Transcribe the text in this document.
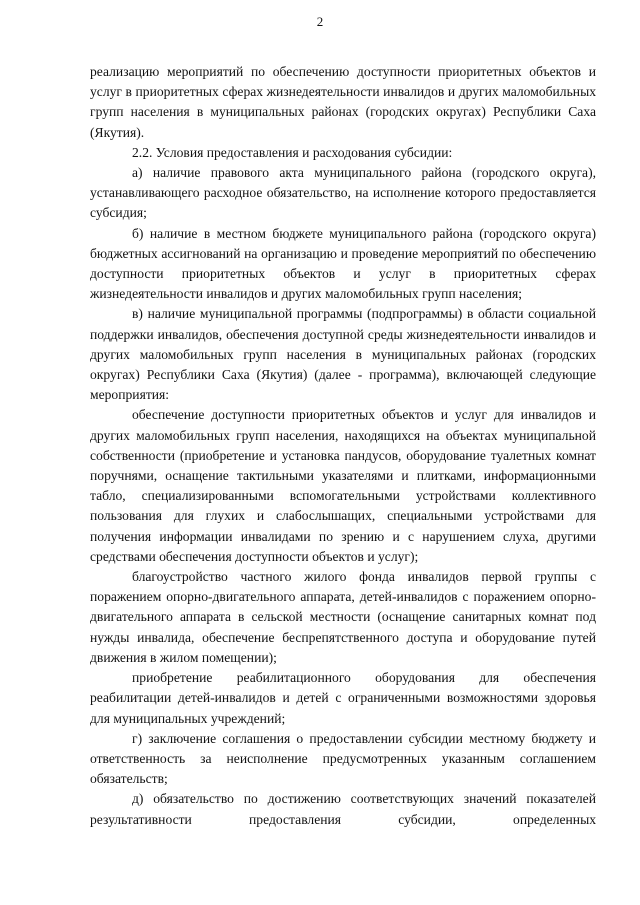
2

реализацию мероприятий по обеспечению доступности приоритетных объектов и услуг в приоритетных сферах жизнедеятельности инвалидов и других маломобильных групп населения в муниципальных районах (городских округах) Республики Саха (Якутия).

2.2. Условия предоставления и расходования субсидии:

а) наличие правового акта муниципального района (городского округа), устанавливающего расходное обязательство, на исполнение которого предоставляется субсидия;

б) наличие в местном бюджете муниципального района (городского округа) бюджетных ассигнований на организацию и проведение мероприятий по обеспечению доступности приоритетных объектов и услуг в приоритетных сферах жизнедеятельности инвалидов и других маломобильных групп населения;

в) наличие муниципальной программы (подпрограммы) в области социальной поддержки инвалидов, обеспечения доступной среды жизнедеятельности инвалидов и других маломобильных групп населения в муниципальных районах (городских округах) Республики Саха (Якутия) (далее - программа), включающей следующие мероприятия:

обеспечение доступности приоритетных объектов и услуг для инвалидов и других маломобильных групп населения, находящихся на объектах муниципальной собственности (приобретение и установка пандусов, оборудование туалетных комнат поручнями, оснащение тактильными указателями и плитками, информационными табло, специализированными вспомогательными устройствами коллективного пользования для глухих и слабослышащих, специальными устройствами для получения информации инвалидами по зрению и с нарушением слуха, другими средствами обеспечения доступности объектов и услуг);

благоустройство частного жилого фонда инвалидов первой группы с поражением опорно-двигательного аппарата, детей-инвалидов с поражением опорно-двигательного аппарата в сельской местности (оснащение санитарных комнат под нужды инвалида, обеспечение беспрепятственного доступа и оборудование путей движения в жилом помещении);

приобретение реабилитационного оборудования для обеспечения реабилитации детей-инвалидов и детей с ограниченными возможностями здоровья для муниципальных учреждений;

г) заключение соглашения о предоставлении субсидии местному бюджету и ответственность за неисполнение предусмотренных указанным соглашением обязательств;

д) обязательство по достижению соответствующих значений показателей результативности предоставления субсидии, определенных
